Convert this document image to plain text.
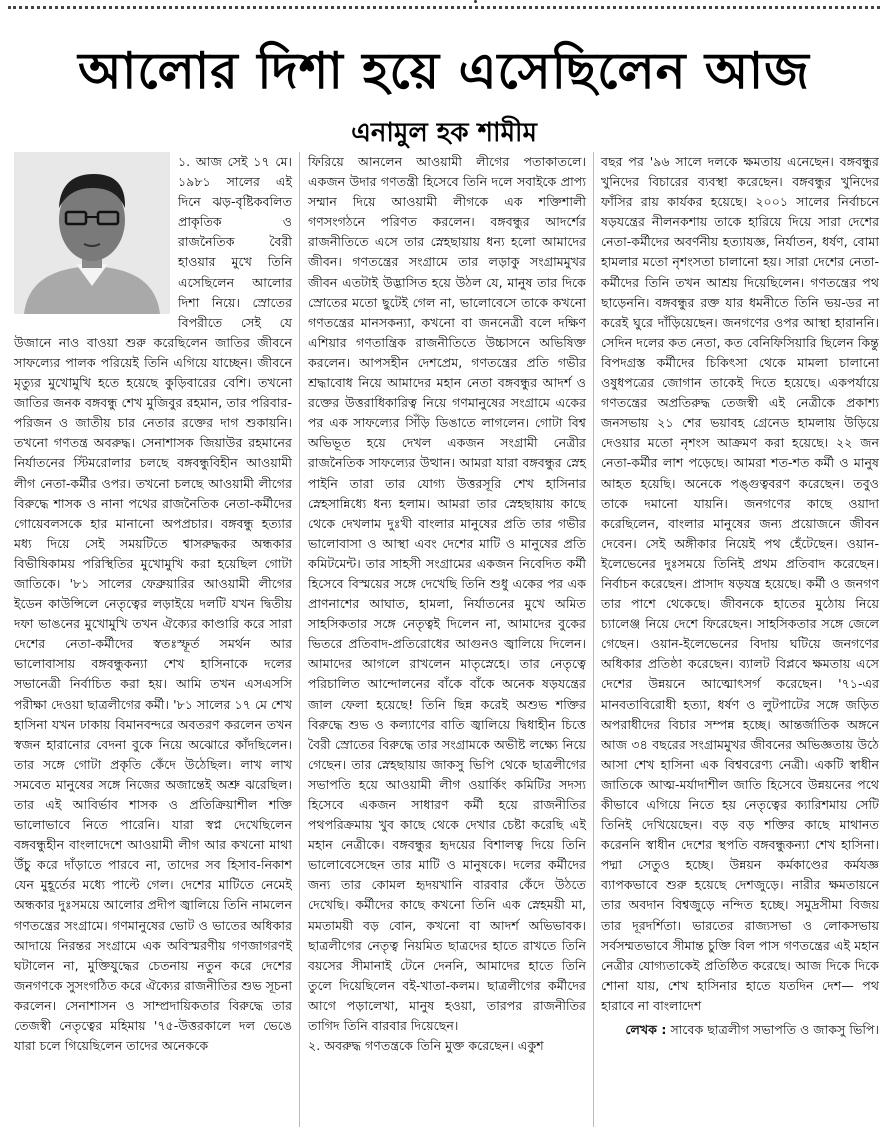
আলোর দিশা হয়ে এসেছিলেন আজ
এনামুল হক শামীম

১. আজ সেই ১৭ মে। ১৯৮১ সালের এই দিনে ঝড়-বৃষ্টিকবলিত প্রাকৃতিক ও রাজনৈতিক বৈরী হাওয়ার মুখে তিনি এসেছিলেন আলোর দিশা নিয়ে। স্রোতের বিপরীতে সেই যে উজানে নাও বাওয়া শুরু করেছিলেন জাতির জীবনে সাফল্যের পালক পরিয়েই তিনি এগিয়ে যাচ্ছেন। জীবনে মৃত্যুর মুখোমুখি হতে হয়েছে কুড়িবারের বেশি। তখনো জাতির জনক বঙ্গবন্ধু শেখ মুজিবুর রহমান, তার পরিবার-পরিজন ও জাতীয় চার নেতার রক্তের দাগ শুকায়নি। তখনো গণতন্ত্র অবরুদ্ধ। সেনাশাসক জিয়াউর রহমানের নির্যাতনের স্টিমরোলার চলছে বঙ্গবন্ধুবিহীন আওয়ামী লীগ নেতা-কর্মীর ওপর। তখনো চলছে আওয়ামী লীগের বিরুদ্ধে শাসক ও নানা পথের রাজনৈতিক নেতা-কর্মীদের গোয়েবলসকে হার মানানো অপপ্রচার। বঙ্গবন্ধু হত্যার মধ্য দিয়ে সেই সময়টিতে শ্বাসরুদ্ধকর অন্ধকার বিভীষিকাময় পরিস্থিতির মুখোমুখি করা হয়েছিল গোটা জাতিকে। '৮১ সালের ফেব্রুয়ারির আওয়ামী লীগের ইডেন কাউন্সিলে নেতৃত্বের লড়াইয়ে দলটি যখন দ্বিতীয় দফা ভাঙনের মুখোমুখি তখন ঐক্যের কাণ্ডারি করে সারা দেশের নেতা-কর্মীদের স্বতঃস্ফূর্ত সমর্থন আর ভালোবাসায় বঙ্গবন্ধুকন্যা শেখ হাসিনাকে দলের সভানেত্রী নির্বাচিত করা হয়। আমি তখন এসএসসি পরীক্ষা দেওয়া ছাত্রলীগের কর্মী। '৮১ সালের ১৭ মে শেখ হাসিনা যখন ঢাকায় বিমানবন্দরে অবতরণ করলেন তখন স্বজন হারানোর বেদনা বুকে নিয়ে অঝোরে কাঁদছিলেন। তার সঙ্গে গোটা প্রকৃতি কেঁদে উঠেছিল। লাখ লাখ সমবেত মানুষের সঙ্গে নিজের অজান্তেই অশ্রু ঝরেছিল। তার এই আবির্ভাব শাসক ও প্রতিক্রিয়াশীল শক্তি ভালোভাবে নিতে পারেনি। যারা স্বপ্ন দেখেছিলেন বঙ্গবন্ধুহীন বাংলাদেশে আওয়ামী লীগ আর কখনো মাথা উঁচু করে দাঁড়াতে পারবে না, তাদের সব হিসাব-নিকাশ যেন মুহূর্তের মধ্যে পাল্টে গেল। দেশের মাটিতে নেমেই অন্ধকার দুঃসময়ে আলোর প্রদীপ জ্বালিয়ে তিনি নামলেন গণতন্ত্রের সংগ্রামে। গণমানুষের ভোট ও ভাতের অধিকার আদায়ে নিরন্তর সংগ্রামে এক অবিস্মরণীয় গণজাগরণই ঘটালেন না, মুক্তিযুদ্ধের চেতনায় নতুন করে দেশের জনগণকে সুসংগঠিত করে ঐক্যের রাজনীতির শুভ সূচনা করলেন। সেনাশাসন ও সাম্প্রদায়িকতার বিরুদ্ধে তার তেজস্বী নেতৃত্বের মহিমায় '৭৫-উত্তরকালে দল ভেঙে যারা চলে গিয়েছিলেন তাদের অনেককে

ফিরিয়ে আনলেন আওয়ামী লীগের পতাকাতলে। একজন উদার গণতন্ত্রী হিসেবে তিনি দলে সবাইকে প্রাপ্য সম্মান দিয়ে আওয়ামী লীগকে এক শক্তিশালী গণসংগঠনে পরিণত করলেন। বঙ্গবন্ধুর আদর্শের রাজনীতিতে এসে তার স্নেহছায়ায় ধন্য হলো আমাদের জীবন। গণতন্ত্রের সংগ্রামে তার লড়াকু সংগ্রামমুখর জীবন এতটাই উদ্ভাসিত হয়ে উঠল যে, মানুষ তার দিকে স্রোতের মতো ছুটেই গেল না, ভালোবেসে তাকে কখনো গণতন্ত্রের মানসকন্যা, কখনো বা জননেত্রী বলে দক্ষিণ এশিয়ার গণতান্ত্রিক রাজনীতিতে উচ্চাসনে অভিষিক্ত করলেন। আপসহীন দেশপ্রেম, গণতন্ত্রের প্রতি গভীর শ্রদ্ধাবোধ নিয়ে আমাদের মহান নেতা বঙ্গবন্ধুর আদর্শ ও রক্তের উত্তরাধিকারিত্ব নিয়ে গণমানুষের সংগ্রামে একের পর এক সাফল্যের সিঁড়ি ডিঙাতে লাগলেন। গোটা বিশ্ব অভিভূত হয়ে দেখল একজন সংগ্রামী নেত্রীর রাজনৈতিক সাফল্যের উত্থান। আমরা যারা বঙ্গবন্ধুর স্নেহ পাইনি তারা তার যোগ্য উত্তরসূরি শেখ হাসিনার স্নেহসান্নিধ্যে ধন্য হলাম। আমরা তার স্নেহছায়ায় কাছে থেকে দেখলাম দুঃখী বাংলার মানুষের প্রতি তার গভীর ভালোবাসা ও আস্থা এবং দেশের মাটি ও মানুষের প্রতি কমিটমেন্ট। তার সাহসী সংগ্রামের একজন নিবেদিত কর্মী হিসেবে বিস্ময়ের সঙ্গে দেখেছি তিনি শুধু একের পর এক প্রাণনাশের আঘাত, হামলা, নির্যাতনের মুখে অমিত সাহসিকতার সঙ্গে নেতৃত্বই দিলেন না, আমাদের বুকের ভিতরে প্রতিবাদ-প্রতিরোধের আগুনও জ্বালিয়ে দিলেন। আমাদের আগলে রাখলেন মাতৃস্নেহে। তার নেতৃত্বে পরিচালিত আন্দোলনের বাঁকে বাঁকে অনেক ষড়যন্ত্রের জাল ফেলা হয়েছে! তিনি ছিন্ন করেই অশুভ শক্তির বিরুদ্ধে শুভ ও কল্যাণের বাতি জ্বালিয়ে দ্বিধাহীন চিত্তে বৈরী স্রোতের বিরুদ্ধে তার সংগ্রামকে অভীষ্ট লক্ষ্যে নিয়ে গেছেন। তার স্নেহছায়ায় জাকসু ভিপি থেকে ছাত্রলীগের সভাপতি হয়ে আওয়ামী লীগ ওয়ার্কিং কমিটির সদস্য হিসেবে একজন সাধারণ কর্মী হয়ে রাজনীতির পথপরিক্রমায় খুব কাছে থেকে দেখার চেষ্টা করেছি এই মহান নেত্রীকে। বঙ্গবন্ধুর হৃদয়ের বিশালত্ব দিয়ে তিনি ভালোবেসেছেন তার মাটি ও মানুষকে। দলের কর্মীদের জন্য তার কোমল হৃদয়খানি বারবার কেঁদে উঠতে দেখেছি। কর্মীদের কাছে কখনো তিনি এক স্নেহময়ী মা, মমতাময়ী বড় বোন, কখনো বা আদর্শ অভিভাবক। ছাত্রলীগের নেতৃত্ব নিয়মিত ছাত্রদের হাতে রাখতে তিনি বয়সের সীমানাই টেনে দেননি, আমাদের হাতে তিনি তুলে দিয়েছিলেন বই-খাতা-কলম। ছাত্রলীগের কর্মীদের আগে পড়ালেখা, মানুষ হওয়া, তারপর রাজনীতির তাগিদ তিনি বারবার দিয়েছেন।
২. অবরুদ্ধ গণতন্ত্রকে তিনি মুক্ত করেছেন। একুশ

বছর পর '৯৬ সালে দলকে ক্ষমতায় এনেছেন। বঙ্গবন্ধুর খুনিদের বিচারের ব্যবস্থা করেছেন। বঙ্গবন্ধুর খুনিদের ফাঁসির রায় কার্যকর হয়েছে। ২০০১ সালের নির্বাচনে ষড়যন্ত্রের নীলনকশায় তাকে হারিয়ে দিয়ে সারা দেশের নেতা-কর্মীদের অবর্ণনীয় হত্যাযজ্ঞ, নির্যাতন, ধর্ষণ, বোমা হামলার মতো নৃশংসতা চালানো হয়। সারা দেশের নেতা-কর্মীদের তিনি তখন আশ্রয় দিয়েছিলেন। গণতন্ত্রের পথ ছাড়েননি। বঙ্গবন্ধুর রক্ত যার ধমনীতে তিনি ভয়-ডর না করেই ঘুরে দাঁড়িয়েছেন। জনগণের ওপর আস্থা হারাননি। সেদিন দলের কত নেতা, কত বেনিফিসিয়ারি ছিলেন কিন্তু বিপদগ্রস্ত কর্মীদের চিকিৎসা থেকে মামলা চালানো ওষুধপত্রের জোগান তাকেই দিতে হয়েছে। একপর্যায়ে গণতন্ত্রের অপ্রতিরুদ্ধ তেজস্বী এই নেত্রীকে প্রকাশ্য জনসভায় ২১ শের ভয়াবহ গ্রেনেড হামলায় উড়িয়ে দেওয়ার মতো নৃশংস আক্রমণ করা হয়েছে। ২২ জন নেতা-কর্মীর লাশ পড়েছে। আমরা শত-শত কর্মী ও মানুষ আহত হয়েছি। অনেকে পঙ্গুত্ববরণ করেছেন। তবুও তাকে দমানো যায়নি। জনগণের কাছে ওয়াদা করেছিলেন, বাংলার মানুষের জন্য প্রয়োজনে জীবন দেবেন। সেই অঙ্গীকার নিয়েই পথ হেঁটেছেন। ওয়ান-ইলেভেনের দুঃসময়ে তিনিই প্রথম প্রতিবাদ করেছেন। নির্বাচন করেছেন। প্রাসাদ ষড়যন্ত্র হয়েছে। কর্মী ও জনগণ তার পাশে থেকেছে। জীবনকে হাতের মুঠোয় নিয়ে চ্যালেঞ্জ নিয়ে দেশে ফিরেছেন। সাহসিকতার সঙ্গে জেলে গেছেন। ওয়ান-ইলেভেনের বিদায় ঘটিয়ে জনগণের অধিকার প্রতিষ্ঠা করেছেন। ব্যালট বিপ্লবে ক্ষমতায় এসে দেশের উন্নয়নে আত্মোৎসর্গ করেছেন। '৭১-এর মানবতাবিরোধী হত্যা, ধর্ষণ ও লুটপাটের সঙ্গে জড়িত অপরাধীদের বিচার সম্পন্ন হচ্ছে। আন্তর্জাতিক অঙ্গনে আজ ৩৪ বছরের সংগ্রামমুখর জীবনের অভিজ্ঞতায় উঠে আসা শেখ হাসিনা এক বিশ্ববরেণ্য নেত্রী। একটি স্বাধীন জাতিকে আত্ম-মর্যাদাশীল জাতি হিসেবে উন্নয়নের পথে কীভাবে এগিয়ে নিতে হয় নেতৃত্বের ক্যারিশমায় সেটি তিনিই দেখিয়েছেন। বড় বড় শক্তির কাছে মাথানত করেননি স্বাধীন দেশের স্থপতি বঙ্গবন্ধুকন্যা শেখ হাসিনা। পদ্মা সেতুও হচ্ছে। উন্নয়ন কর্মকাণ্ডের কর্মযজ্ঞ ব্যাপকভাবে শুরু হয়েছে দেশজুড়ে। নারীর ক্ষমতায়নে তার অবদান বিশ্বজুড়ে নন্দিত হচ্ছে। সমুদ্রসীমা বিজয় তার দূরদর্শিতা। ভারতের রাজ্যসভা ও লোকসভায় সর্বসম্মতভাবে সীমান্ত চুক্তি বিল পাস গণতন্ত্রের এই মহান নেত্রীর যোগ্যতাকেই প্রতিষ্ঠিত করেছে। আজ দিকে দিকে শোনা যায়, শেখ হাসিনার হাতে যতদিন দেশ— পথ হারাবে না বাংলাদেশ

লেখক : সাবেক ছাত্রলীগ সভাপতি ও জাকসু ভিপি।
